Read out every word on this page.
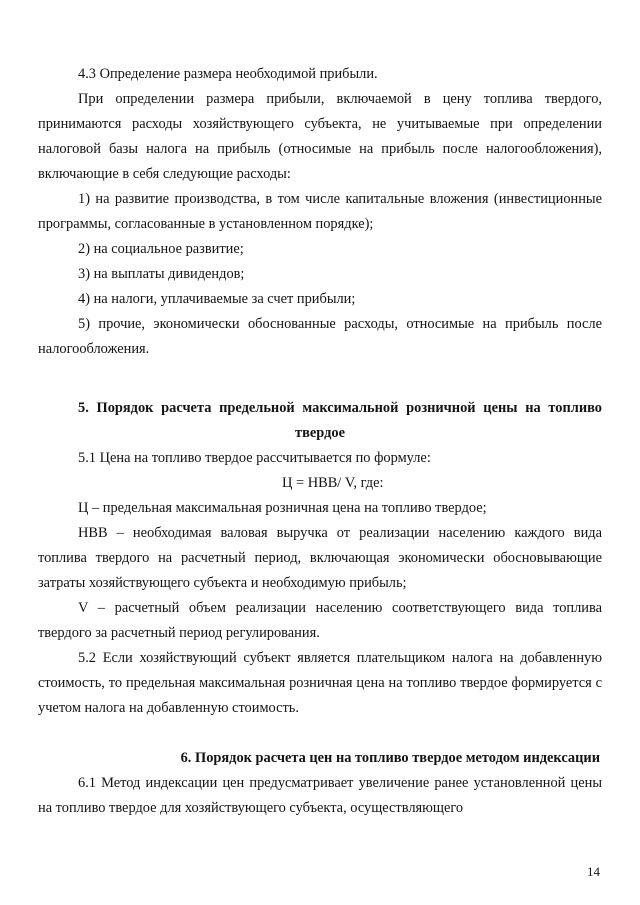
4.3 Определение размера необходимой прибыли.

При определении размера прибыли, включаемой в цену топлива твердого, принимаются расходы хозяйствующего субъекта, не учитываемые при определении налоговой базы налога на прибыль (относимые на прибыль после налогообложения), включающие в себя следующие расходы:

1) на развитие производства, в том числе капитальные вложения (инвестиционные программы, согласованные в установленном порядке);

2) на социальное развитие;

3) на выплаты дивидендов;

4) на налоги, уплачиваемые за счет прибыли;

5) прочие, экономически обоснованные расходы, относимые на прибыль после налогообложения.

5. Порядок расчета предельной максимальной розничной цены на топливо твердое

5.1 Цена на топливо твердое рассчитывается по формуле:

Ц = НВВ/ V, где:

Ц – предельная максимальная розничная цена на топливо твердое;

НВВ – необходимая валовая выручка от реализации населению каждого вида топлива твердого на расчетный период, включающая экономически обосновывающие затраты хозяйствующего субъекта и необходимую прибыль;

V – расчетный объем реализации населению соответствующего вида топлива твердого за расчетный период регулирования.

5.2 Если хозяйствующий субъект является плательщиком налога на добавленную стоимость, то предельная максимальная розничная цена на топливо твердое формируется с учетом налога на добавленную стоимость.

6. Порядок расчета цен на топливо твердое методом индексации

6.1 Метод индексации цен предусматривает увеличение ранее установленной цены на топливо твердое для хозяйствующего субъекта, осуществляющего

14
